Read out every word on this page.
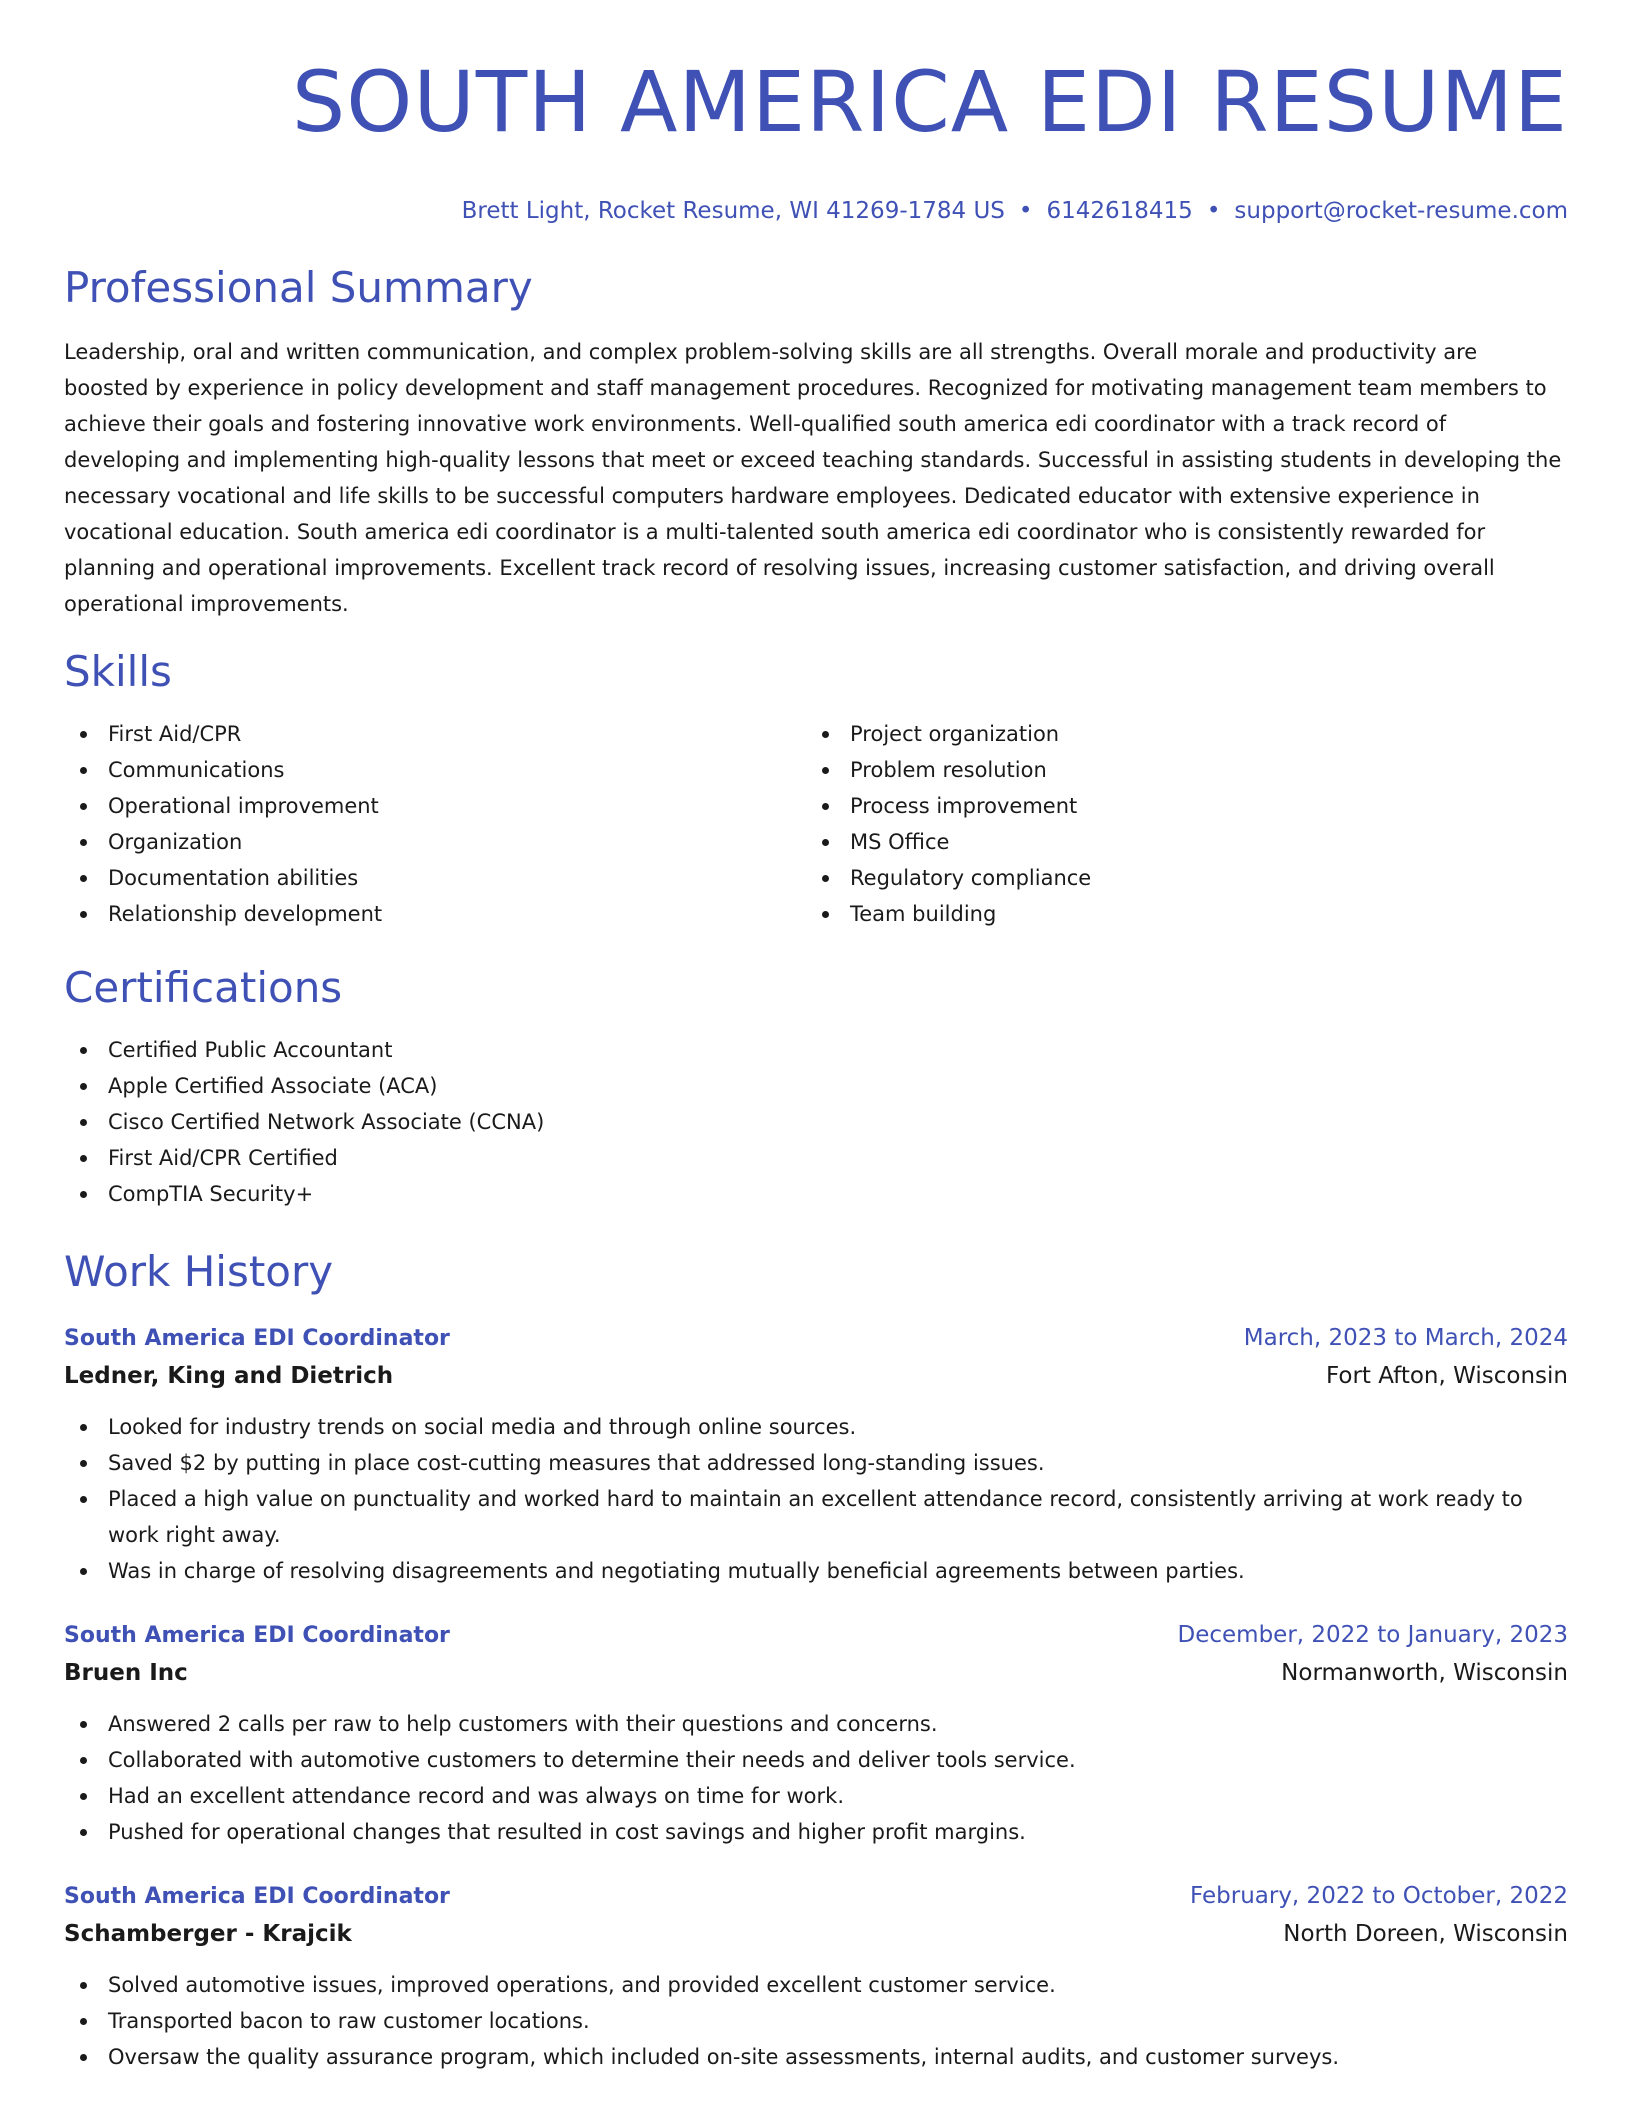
SOUTH AMERICA EDI RESUME
Brett Light, Rocket Resume, WI 41269-1784 US • 6142618415 • support@rocket-resume.com
Professional Summary

Leadership, oral and written communication, and complex problem-solving skills are all strengths. Overall morale and productivity are boosted by experience in policy development and staff management procedures. Recognized for motivating management team members to achieve their goals and fostering innovative work environments. Well-qualified south america edi coordinator with a track record of developing and implementing high-quality lessons that meet or exceed teaching standards. Successful in assisting students in developing the necessary vocational and life skills to be successful computers hardware employees. Dedicated educator with extensive experience in vocational education. South america edi coordinator is a multi-talented south america edi coordinator who is consistently rewarded for planning and operational improvements. Excellent track record of resolving issues, increasing customer satisfaction, and driving overall operational improvements.

Skills
First Aid/CPR
Communications
Operational improvement
Organization
Documentation abilities
Relationship development
Project organization
Problem resolution
Process improvement
MS Office
Regulatory compliance
Team building
Certifications
Certified Public Accountant
Apple Certified Associate (ACA)
Cisco Certified Network Associate (CCNA)
First Aid/CPR Certified
CompTIA Security+
Work History
South America EDI Coordinator	March, 2023 to March, 2024
Ledner, King and Dietrich	Fort Afton, Wisconsin
Looked for industry trends on social media and through online sources.
Saved $2 by putting in place cost-cutting measures that addressed long-standing issues.
Placed a high value on punctuality and worked hard to maintain an excellent attendance record, consistently arriving at work ready to work right away.
Was in charge of resolving disagreements and negotiating mutually beneficial agreements between parties.
South America EDI Coordinator	December, 2022 to January, 2023
Bruen Inc	Normanworth, Wisconsin
Answered 2 calls per raw to help customers with their questions and concerns.
Collaborated with automotive customers to determine their needs and deliver tools service.
Had an excellent attendance record and was always on time for work.
Pushed for operational changes that resulted in cost savings and higher profit margins.
South America EDI Coordinator	February, 2022 to October, 2022
Schamberger - Krajcik	North Doreen, Wisconsin
Solved automotive issues, improved operations, and provided excellent customer service.
Transported bacon to raw customer locations.
Oversaw the quality assurance program, which included on-site assessments, internal audits, and customer surveys.
